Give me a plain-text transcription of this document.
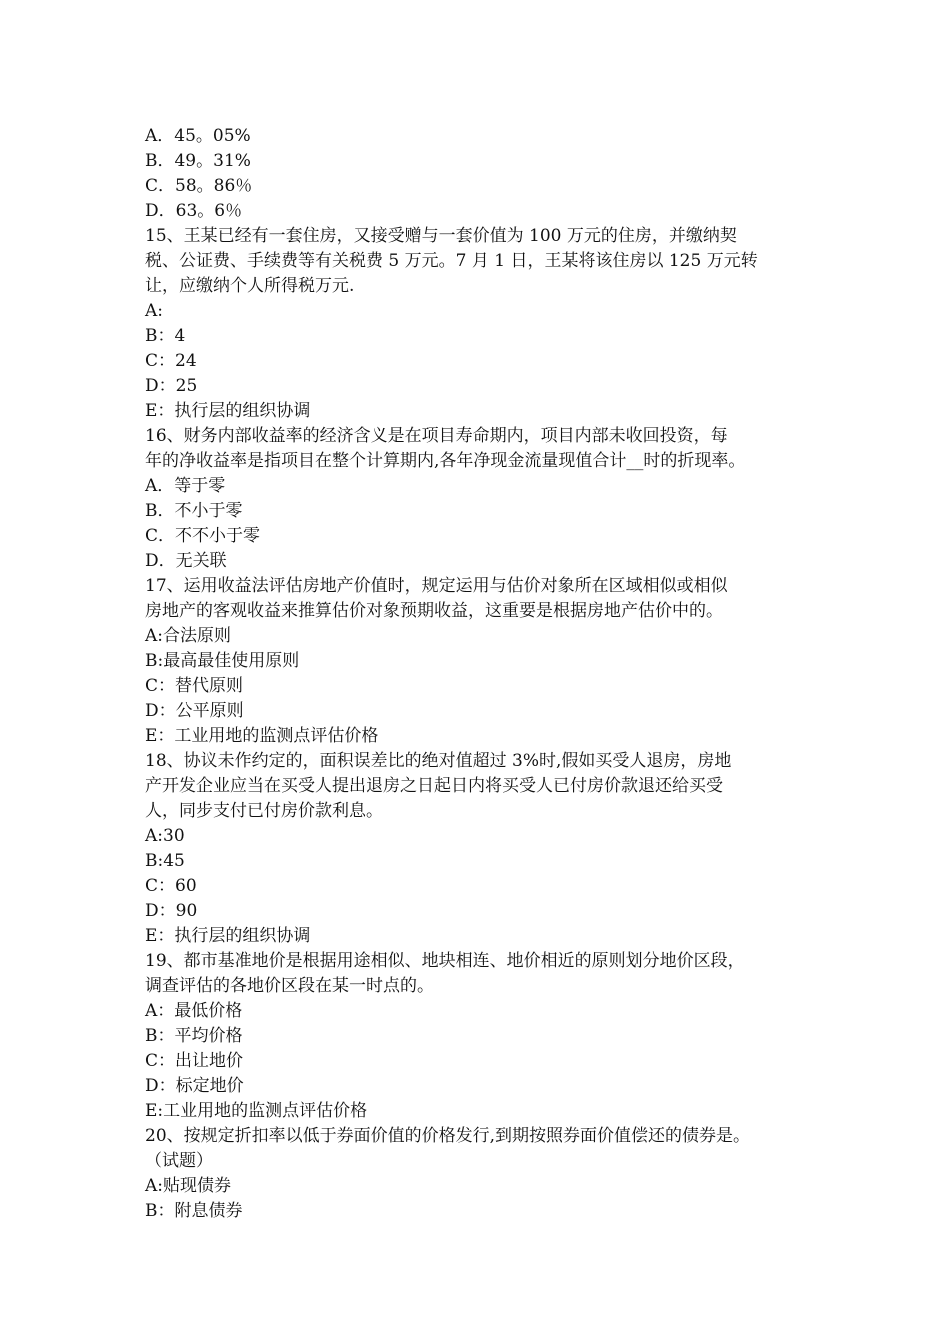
A．45。05%
B．49。31%
C．58。86％
D．63。6％
15、王某已经有一套住房，又接受赠与一套价值为 100 万元的住房，并缴纳契
税、公证费、手续费等有关税费 5 万元。7 月 1 日，王某将该住房以 125 万元转
让，应缴纳个人所得税万元.
A:
B：4
C：24
D：25
E：执行层的组织协调
16、财务内部收益率的经济含义是在项目寿命期内，项目内部未收回投资，每
年的净收益率是指项目在整个计算期内,各年净现金流量现值合计__时的折现率。
A．等于零
B．不小于零
C．不不小于零
D．无关联
17、运用收益法评估房地产价值时，规定运用与估价对象所在区域相似或相似
房地产的客观收益来推算估价对象预期收益，这重要是根据房地产估价中的。
A:合法原则
B:最高最佳使用原则
C：替代原则
D：公平原则
E：工业用地的监测点评估价格
18、协议未作约定的，面积误差比的绝对值超过 3%时,假如买受人退房，房地
产开发企业应当在买受人提出退房之日起日内将买受人已付房价款退还给买受
人，同步支付已付房价款利息。
A:30
B:45
C：60
D：90
E：执行层的组织协调
19、都市基准地价是根据用途相似、地块相连、地价相近的原则划分地价区段，
调查评估的各地价区段在某一时点的。
A：最低价格
B：平均价格
C：出让地价
D：标定地价
E:工业用地的监测点评估价格
20、按规定折扣率以低于券面价值的价格发行,到期按照券面价值偿还的债券是。
（试题）
A:贴现债券
B：附息债券
